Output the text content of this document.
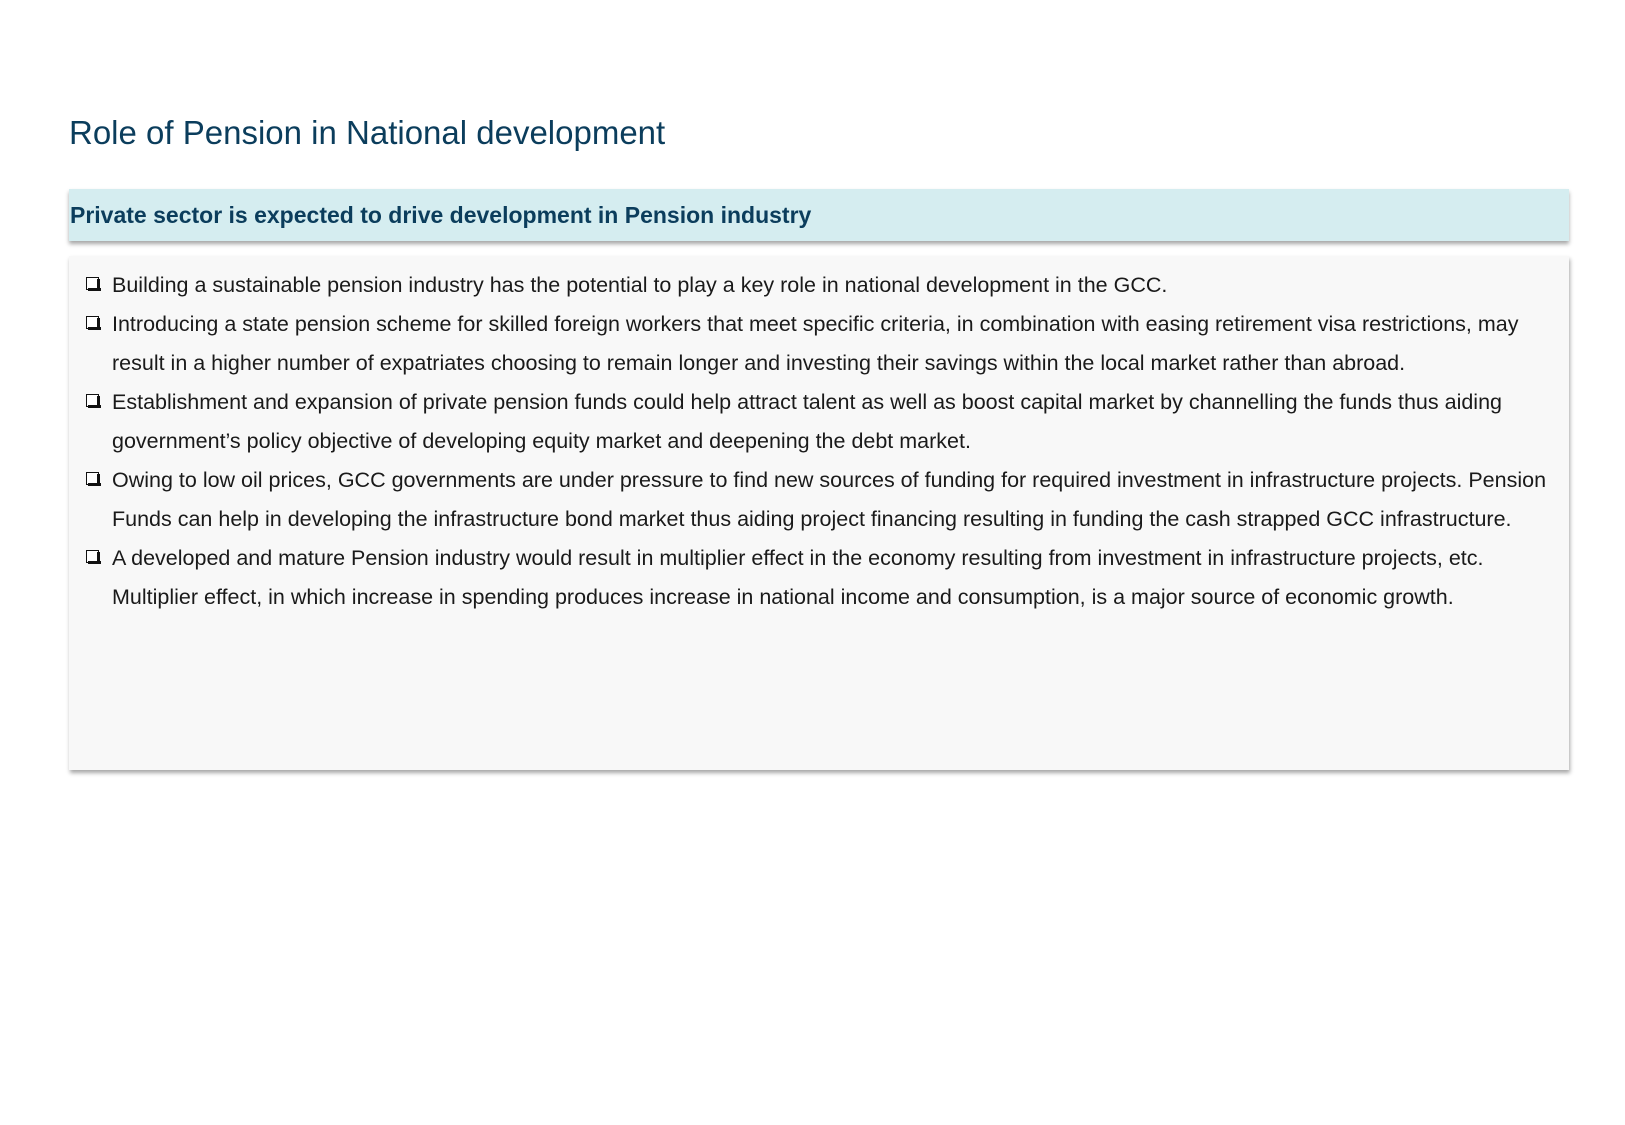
Role of Pension in National development
Private sector is expected to drive development in Pension industry
Building a sustainable pension industry has the potential to play a key role in national development in the GCC.
Introducing a state pension scheme for skilled foreign workers that meet specific criteria, in combination with easing retirement visa restrictions, may result in a higher number of expatriates choosing to remain longer and investing their savings within the local market rather than abroad.
Establishment and expansion of private pension funds could help attract talent as well as boost capital market by channelling the funds thus aiding government’s policy objective of developing equity market and deepening the debt market.
Owing to low oil prices, GCC governments are under pressure to find new sources of funding for required investment in infrastructure projects. Pension Funds can help in developing the infrastructure bond market thus aiding project financing resulting in funding the cash strapped GCC infrastructure.
A developed and mature Pension industry would result in multiplier effect in the economy resulting from investment in infrastructure projects, etc. Multiplier effect, in which increase in spending produces increase in national income and consumption, is a major source of economic growth.
